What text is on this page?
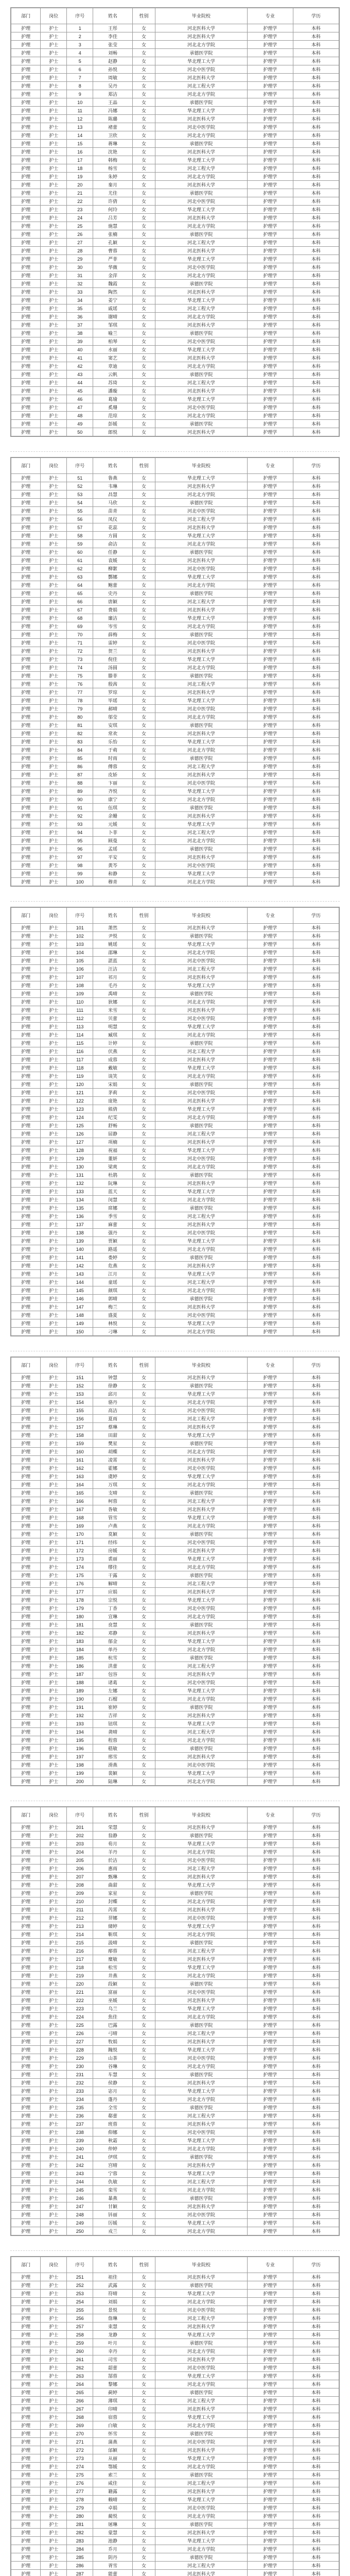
部门	岗位	序号	姓名	性别	毕业院校	专业	学历
护理	护士	1	王彤	女	河北医科大学	护理学	本科
护理	护士	2	李佳	女	河北医科大学	护理学	本科
护理	护士	3	张莹	女	河北北方学院	护理学	本科
护理	护士	4	刘畅	女	承德医学院	护理学	本科
护理	护士	5	赵静	女	华北理工大学	护理学	本科
护理	护士	6	孙悦	女	河北中医学院	护理学	本科
护理	护士	7	周敏	女	河北医科大学	护理学	本科
护理	护士	8	吴丹	女	河北工程大学	护理学	本科
护理	护士	9	郑洁	女	河北北方学院	护理学	本科
护理	护士	10	王晶	女	承德医学院	护理学	本科
护理	护士	11	冯娜	女	华北理工大学	护理学	本科
护理	护士	12	陈璐	女	河北医科大学	护理学	本科
护理	护士	13	褚蕾	女	河北中医学院	护理学	本科
护理	护士	14	卫欣	女	河北北方学院	护理学	本科
护理	护士	15	蒋琳	女	承德医学院	护理学	本科
护理	护士	16	沈艳	女	河北医科大学	护理学	本科
护理	护士	17	韩梅	女	华北理工大学	护理学	本科
护理	护士	18	杨雪	女	河北工程大学	护理学	本科
护理	护士	19	朱婷	女	河北北方学院	护理学	本科
护理	护士	20	秦月	女	河北医科大学	护理学	本科
护理	护士	21	尤佳	女	承德医学院	护理学	本科
护理	护士	22	许倩	女	河北中医学院	护理学	本科
护理	护士	23	何玲	女	华北理工大学	护理学	本科
护理	护士	24	吕芳	女	河北医科大学	护理学	本科
护理	护士	25	施慧	女	河北北方学院	护理学	本科
护理	护士	26	张楠	女	承德医学院	护理学	本科
护理	护士	27	孔颖	女	河北工程大学	护理学	本科
护理	护士	28	曹蓉	女	河北医科大学	护理学	本科
护理	护士	29	严菲	女	华北理工大学	护理学	本科
护理	护士	30	华薇	女	河北中医学院	护理学	本科
护理	护士	31	金萍	女	河北北方学院	护理学	本科
护理	护士	32	魏霞	女	承德医学院	护理学	本科
护理	护士	33	陶然	女	河北医科大学	护理学	本科
护理	护士	34	姜宁	女	华北理工大学	护理学	本科
护理	护士	35	戚瑶	女	河北工程大学	护理学	本科
护理	护士	36	谢晴	女	河北北方学院	护理学	本科
护理	护士	37	邹琪	女	河北医科大学	护理学	本科
护理	护士	38	喻兰	女	承德医学院	护理学	本科
护理	护士	39	柏琴	女	河北中医学院	护理学	本科
护理	护士	40	水丽	女	华北理工大学	护理学	本科
护理	护士	41	窦艺	女	河北医科大学	护理学	本科
护理	护士	42	章迪	女	河北北方学院	护理学	本科
护理	护士	43	云帆	女	承德医学院	护理学	本科
护理	护士	44	苏琦	女	河北工程大学	护理学	本科
护理	护士	45	潘璇	女	河北医科大学	护理学	本科
护理	护士	46	葛瑜	女	华北理工大学	护理学	本科
护理	护士	47	奚珊	女	河北中医学院	护理学	本科
护理	护士	48	范琼	女	河北北方学院	护理学	本科
护理	护士	49	彭媛	女	承德医学院	护理学	本科
护理	护士	50	郎悦	女	河北医科大学	护理学	本科
部门	岗位	序号	姓名	性别	毕业院校	专业	学历
护理	护士	51	鲁燕	女	华北理工大学	护理学	本科
护理	护士	52	韦琳	女	河北医科大学	护理学	本科
护理	护士	53	昌慧	女	河北北方学院	护理学	本科
护理	护士	54	马欣	女	承德医学院	护理学	本科
护理	护士	55	苗青	女	河北中医学院	护理学	本科
护理	护士	56	凤仪	女	河北工程大学	护理学	本科
护理	护士	57	花蕊	女	河北医科大学	护理学	本科
护理	护士	58	方圆	女	华北理工大学	护理学	本科
护理	护士	59	俞洁	女	河北北方学院	护理学	本科
护理	护士	60	任静	女	承德医学院	护理学	本科
护理	护士	61	袁媛	女	河北医科大学	护理学	本科
护理	护士	62	柳絮	女	河北中医学院	护理学	本科
护理	护士	63	酆娜	女	华北理工大学	护理学	本科
护理	护士	64	鲍蕾	女	河北北方学院	护理学	本科
护理	护士	65	史丹	女	承德医学院	护理学	本科
护理	护士	66	唐颖	女	河北工程大学	护理学	本科
护理	护士	67	费娟	女	河北医科大学	护理学	本科
护理	护士	68	廉洁	女	华北理工大学	护理学	本科
护理	护士	69	岑雪	女	河北北方学院	护理学	本科
护理	护士	70	薛梅	女	承德医学院	护理学	本科
护理	护士	71	雷婷	女	河北中医学院	护理学	本科
护理	护士	72	贺兰	女	河北医科大学	护理学	本科
护理	护士	73	倪佳	女	华北理工大学	护理学	本科
护理	护士	74	汤圆	女	河北北方学院	护理学	本科
护理	护士	75	滕菲	女	承德医学院	护理学	本科
护理	护士	76	殷茜	女	河北工程大学	护理学	本科
护理	护士	77	罗琼	女	河北医科大学	护理学	本科
护理	护士	78	毕瑶	女	华北理工大学	护理学	本科
护理	护士	79	郝晴	女	河北中医学院	护理学	本科
护理	护士	80	邬莹	女	河北北方学院	护理学	本科
护理	护士	81	安琪	女	承德医学院	护理学	本科
护理	护士	82	常欢	女	河北医科大学	护理学	本科
护理	护士	83	乐怡	女	华北理工大学	护理学	本科
护理	护士	84	于萌	女	河北北方学院	护理学	本科
护理	护士	85	时雨	女	承德医学院	护理学	本科
护理	护士	86	傅蓉	女	河北工程大学	护理学	本科
护理	护士	87	皮娇	女	河北医科大学	护理学	本科
护理	护士	88	卞丽	女	河北中医学院	护理学	本科
护理	护士	89	齐悦	女	华北理工大学	护理学	本科
护理	护士	90	康宁	女	河北北方学院	护理学	本科
护理	护士	91	伍琪	女	承德医学院	护理学	本科
护理	护士	92	余姗	女	河北医科大学	护理学	本科
护理	护士	93	元媛	女	华北理工大学	护理学	本科
护理	护士	94	卜菲	女	河北工程大学	护理学	本科
护理	护士	95	顾曼	女	河北北方学院	护理学	本科
护理	护士	96	孟瑶	女	承德医学院	护理学	本科
护理	护士	97	平安	女	河北医科大学	护理学	本科
护理	护士	98	黄芩	女	河北中医学院	护理学	本科
护理	护士	99	和静	女	华北理工大学	护理学	本科
护理	护士	100	穆青	女	河北北方学院	护理学	本科
部门	岗位	序号	姓名	性别	毕业院校	专业	学历
护理	护士	101	萧然	女	河北医科大学	护理学	本科
护理	护士	102	尹悦	女	承德医学院	护理学	本科
护理	护士	103	姚瑶	女	华北理工大学	护理学	本科
护理	护士	104	邵琳	女	河北北方学院	护理学	本科
护理	护士	105	湛蓝	女	河北中医学院	护理学	本科
护理	护士	106	汪洁	女	河北工程大学	护理学	本科
护理	护士	107	祁月	女	河北医科大学	护理学	本科
护理	护士	108	毛丹	女	华北理工大学	护理学	本科
护理	护士	109	禹晴	女	承德医学院	护理学	本科
护理	护士	110	狄娜	女	河北北方学院	护理学	本科
护理	护士	111	米雪	女	河北医科大学	护理学	本科
护理	护士	112	贝蕾	女	河北中医学院	护理学	本科
护理	护士	113	明慧	女	华北理工大学	护理学	本科
护理	护士	114	臧琪	女	河北北方学院	护理学	本科
护理	护士	115	计婷	女	承德医学院	护理学	本科
护理	护士	116	伏燕	女	河北工程大学	护理学	本科
护理	护士	117	成蓉	女	河北医科大学	护理学	本科
护理	护士	118	戴敏	女	华北理工大学	护理学	本科
护理	护士	119	谈笑	女	河北北方学院	护理学	本科
护理	护士	120	宋娟	女	承德医学院	护理学	本科
护理	护士	121	茅莉	女	河北中医学院	护理学	本科
护理	护士	122	庞艳	女	河北医科大学	护理学	本科
护理	护士	123	熊倩	女	华北理工大学	护理学	本科
护理	护士	124	纪雯	女	河北北方学院	护理学	本科
护理	护士	125	舒畅	女	承德医学院	护理学	本科
护理	护士	126	屈静	女	河北工程大学	护理学	本科
护理	护士	127	项楠	女	河北医科大学	护理学	本科
护理	护士	128	祝福	女	华北理工大学	护理学	本科
护理	护士	129	董妍	女	河北中医学院	护理学	本科
护理	护士	130	梁爽	女	河北北方学院	护理学	本科
护理	护士	131	杜鹃	女	承德医学院	护理学	本科
护理	护士	132	阮琳	女	河北医科大学	护理学	本科
护理	护士	133	蓝天	女	华北理工大学	护理学	本科
护理	护士	134	闵慧	女	河北北方学院	护理学	本科
护理	护士	135	席娜	女	承德医学院	护理学	本科
护理	护士	136	季雪	女	河北工程大学	护理学	本科
护理	护士	137	麻蕾	女	河北医科大学	护理学	本科
护理	护士	138	强丹	女	河北中医学院	护理学	本科
护理	护士	139	贾颖	女	华北理工大学	护理学	本科
护理	护士	140	路遥	女	河北北方学院	护理学	本科
护理	护士	141	娄婷	女	承德医学院	护理学	本科
护理	护士	142	危燕	女	河北医科大学	护理学	本科
护理	护士	143	江月	女	华北理工大学	护理学	本科
护理	护士	144	童瑶	女	河北工程大学	护理学	本科
护理	护士	145	颜琪	女	河北北方学院	护理学	本科
护理	护士	146	郭晴	女	承德医学院	护理学	本科
护理	护士	147	梅兰	女	河北医科大学	护理学	本科
护理	护士	148	盛夏	女	河北中医学院	护理学	本科
护理	护士	149	林悦	女	华北理工大学	护理学	本科
护理	护士	150	刁琳	女	河北北方学院	护理学	本科
部门	岗位	序号	姓名	性别	毕业院校	专业	学历
护理	护士	151	钟慧	女	河北医科大学	护理学	本科
护理	护士	152	徐静	女	承德医学院	护理学	本科
护理	护士	153	邱月	女	华北理工大学	护理学	本科
护理	护士	154	骆丹	女	河北北方学院	护理学	本科
护理	护士	155	高洁	女	河北中医学院	护理学	本科
护理	护士	156	夏雨	女	河北工程大学	护理学	本科
护理	护士	157	蔡琳	女	河北医科大学	护理学	本科
护理	护士	158	田甜	女	华北理工大学	护理学	本科
护理	护士	159	樊星	女	承德医学院	护理学	本科
护理	护士	160	胡蝶	女	河北北方学院	护理学	本科
护理	护士	161	凌霄	女	河北医科大学	护理学	本科
护理	护士	162	霍娜	女	河北中医学院	护理学	本科
护理	护士	163	虞婷	女	华北理工大学	护理学	本科
护理	护士	164	万琪	女	河北北方学院	护理学	本科
护理	护士	165	支晴	女	承德医学院	护理学	本科
护理	护士	166	柯蓉	女	河北工程大学	护理学	本科
护理	护士	167	昝敏	女	河北医科大学	护理学	本科
护理	护士	168	管雪	女	华北理工大学	护理学	本科
护理	护士	169	卢燕	女	河北北方学院	护理学	本科
护理	护士	170	莫颖	女	承德医学院	护理学	本科
护理	护士	171	经纬	女	河北中医学院	护理学	本科
护理	护士	172	房媛	女	河北医科大学	护理学	本科
护理	护士	173	裘丽	女	华北理工大学	护理学	本科
护理	护士	174	缪佳	女	河北北方学院	护理学	本科
护理	护士	175	干露	女	承德医学院	护理学	本科
护理	护士	176	解晴	女	河北工程大学	护理学	本科
护理	护士	177	应娟	女	河北医科大学	护理学	本科
护理	护士	178	宗悦	女	华北理工大学	护理学	本科
护理	护士	179	丁香	女	河北中医学院	护理学	本科
护理	护士	180	宣琳	女	河北北方学院	护理学	本科
护理	护士	181	贲慧	女	承德医学院	护理学	本科
护理	护士	182	邓静	女	河北医科大学	护理学	本科
护理	护士	183	郁金	女	华北理工大学	护理学	本科
护理	护士	184	单丹	女	河北北方学院	护理学	本科
护理	护士	185	杭雪	女	承德医学院	护理学	本科
护理	护士	186	洪蕾	女	河北工程大学	护理学	本科
护理	护士	187	包容	女	河北医科大学	护理学	本科
护理	护士	188	诸葛	女	河北中医学院	护理学	本科
护理	护士	189	左娜	女	华北理工大学	护理学	本科
护理	护士	190	石榴	女	河北北方学院	护理学	本科
护理	护士	191	崔婷	女	承德医学院	护理学	本科
护理	护士	192	吉祥	女	河北医科大学	护理学	本科
护理	护士	193	钮琪	女	华北理工大学	护理学	本科
护理	护士	194	龚晴	女	河北工程大学	护理学	本科
护理	护士	195	程蓉	女	河北北方学院	护理学	本科
护理	护士	196	嵇敏	女	承德医学院	护理学	本科
护理	护士	197	邢雪	女	河北医科大学	护理学	本科
护理	护士	198	滑燕	女	河北中医学院	护理学	本科
护理	护士	199	裴颖	女	华北理工大学	护理学	本科
护理	护士	200	陆琳	女	河北北方学院	护理学	本科
部门	岗位	序号	姓名	性别	毕业院校	专业	学历
护理	护士	201	荣慧	女	河北医科大学	护理学	本科
护理	护士	202	翁静	女	承德医学院	护理学	本科
护理	护士	203	荀月	女	华北理工大学	护理学	本科
护理	护士	204	羊丹	女	河北北方学院	护理学	本科
护理	护士	205	於洁	女	河北中医学院	护理学	本科
护理	护士	206	惠雨	女	河北工程大学	护理学	本科
护理	护士	207	甄琳	女	河北医科大学	护理学	本科
护理	护士	208	曲甜	女	华北理工大学	护理学	本科
护理	护士	209	家星	女	承德医学院	护理学	本科
护理	护士	210	封蝶	女	河北北方学院	护理学	本科
护理	护士	211	芮霄	女	河北医科大学	护理学	本科
护理	护士	212	羿娜	女	河北中医学院	护理学	本科
护理	护士	213	储婷	女	华北理工大学	护理学	本科
护理	护士	214	靳琪	女	河北北方学院	护理学	本科
护理	护士	215	汲晴	女	承德医学院	护理学	本科
护理	护士	216	邴蓉	女	河北工程大学	护理学	本科
护理	护士	217	糜敏	女	河北医科大学	护理学	本科
护理	护士	218	松雪	女	华北理工大学	护理学	本科
护理	护士	219	井燕	女	河北北方学院	护理学	本科
护理	护士	220	段颖	女	承德医学院	护理学	本科
护理	护士	221	富丽	女	河北中医学院	护理学	本科
护理	护士	222	巫媛	女	河北医科大学	护理学	本科
护理	护士	223	乌兰	女	华北理工大学	护理学	本科
护理	护士	224	焦佳	女	河北北方学院	护理学	本科
护理	护士	225	巴露	女	承德医学院	护理学	本科
护理	护士	226	弓晴	女	河北工程大学	护理学	本科
护理	护士	227	牧娟	女	河北医科大学	护理学	本科
护理	护士	228	隗悦	女	华北理工大学	护理学	本科
护理	护士	229	山茶	女	河北中医学院	护理学	本科
护理	护士	230	谷琳	女	河北北方学院	护理学	本科
护理	护士	231	车慧	女	承德医学院	护理学	本科
护理	护士	232	侯静	女	河北医科大学	护理学	本科
护理	护士	233	宓月	女	华北理工大学	护理学	本科
护理	护士	234	蓬丹	女	河北北方学院	护理学	本科
护理	护士	235	全雪	女	承德医学院	护理学	本科
护理	护士	236	郗蕾	女	河北工程大学	护理学	本科
护理	护士	237	班蓉	女	河北医科大学	护理学	本科
护理	护士	238	仰娜	女	河北中医学院	护理学	本科
护理	护士	239	秋霜	女	华北理工大学	护理学	本科
护理	护士	240	仲婷	女	河北北方学院	护理学	本科
护理	护士	241	伊琪	女	承德医学院	护理学	本科
护理	护士	242	宫晴	女	河北医科大学	护理学	本科
护理	护士	243	宁蓉	女	华北理工大学	护理学	本科
护理	护士	244	仇敏	女	河北工程大学	护理学	本科
护理	护士	245	栾雪	女	河北北方学院	护理学	本科
护理	护士	246	暴燕	女	承德医学院	护理学	本科
护理	护士	247	甘颖	女	河北医科大学	护理学	本科
护理	护士	248	钭丽	女	河北中医学院	护理学	本科
护理	护士	249	厉媛	女	华北理工大学	护理学	本科
护理	护士	250	戎兰	女	河北北方学院	护理学	本科
部门	岗位	序号	姓名	性别	毕业院校	专业	学历
护理	护士	251	祖佳	女	河北医科大学	护理学	本科
护理	护士	252	武露	女	承德医学院	护理学	本科
护理	护士	253	符晴	女	华北理工大学	护理学	本科
护理	护士	254	刘娟	女	河北北方学院	护理学	本科
护理	护士	255	景悦	女	河北中医学院	护理学	本科
护理	护士	256	詹琳	女	河北工程大学	护理学	本科
护理	护士	257	束慧	女	河北医科大学	护理学	本科
护理	护士	258	龙静	女	华北理工大学	护理学	本科
护理	护士	259	叶月	女	承德医学院	护理学	本科
护理	护士	260	幸丹	女	河北北方学院	护理学	本科
护理	护士	261	司雪	女	河北医科大学	护理学	本科
护理	护士	262	韶蕾	女	河北中医学院	护理学	本科
护理	护士	263	郜蓉	女	华北理工大学	护理学	本科
护理	护士	264	黎娜	女	河北北方学院	护理学	本科
护理	护士	265	蓟婷	女	承德医学院	护理学	本科
护理	护士	266	薄琪	女	河北工程大学	护理学	本科
护理	护士	267	印晴	女	河北医科大学	护理学	本科
护理	护士	268	宿蓉	女	华北理工大学	护理学	本科
护理	护士	269	白敏	女	河北北方学院	护理学	本科
护理	护士	270	怀雪	女	承德医学院	护理学	本科
护理	护士	271	蒲燕	女	河北中医学院	护理学	本科
护理	护士	272	邰颖	女	河北医科大学	护理学	本科
护理	护士	273	从丽	女	华北理工大学	护理学	本科
护理	护士	274	鄂媛	女	河北北方学院	护理学	本科
护理	护士	275	索兰	女	承德医学院	护理学	本科
护理	护士	276	咸佳	女	河北工程大学	护理学	本科
护理	护士	277	籍露	女	河北医科大学	护理学	本科
护理	护士	278	赖晴	女	华北理工大学	护理学	本科
护理	护士	279	卓娟	女	河北中医学院	护理学	本科
护理	护士	280	蔺悦	女	河北北方学院	护理学	本科
护理	护士	281	屠琳	女	承德医学院	护理学	本科
护理	护士	282	蒙慧	女	河北医科大学	护理学	本科
护理	护士	283	池静	女	华北理工大学	护理学	本科
护理	护士	284	乔月	女	河北北方学院	护理学	本科
护理	护士	285	阴丹	女	承德医学院	护理学	本科
护理	护士	286	胥雪	女	河北工程大学	护理学	本科
护理	护士	287	能蕾	女	河北医科大学	护理学	本科
